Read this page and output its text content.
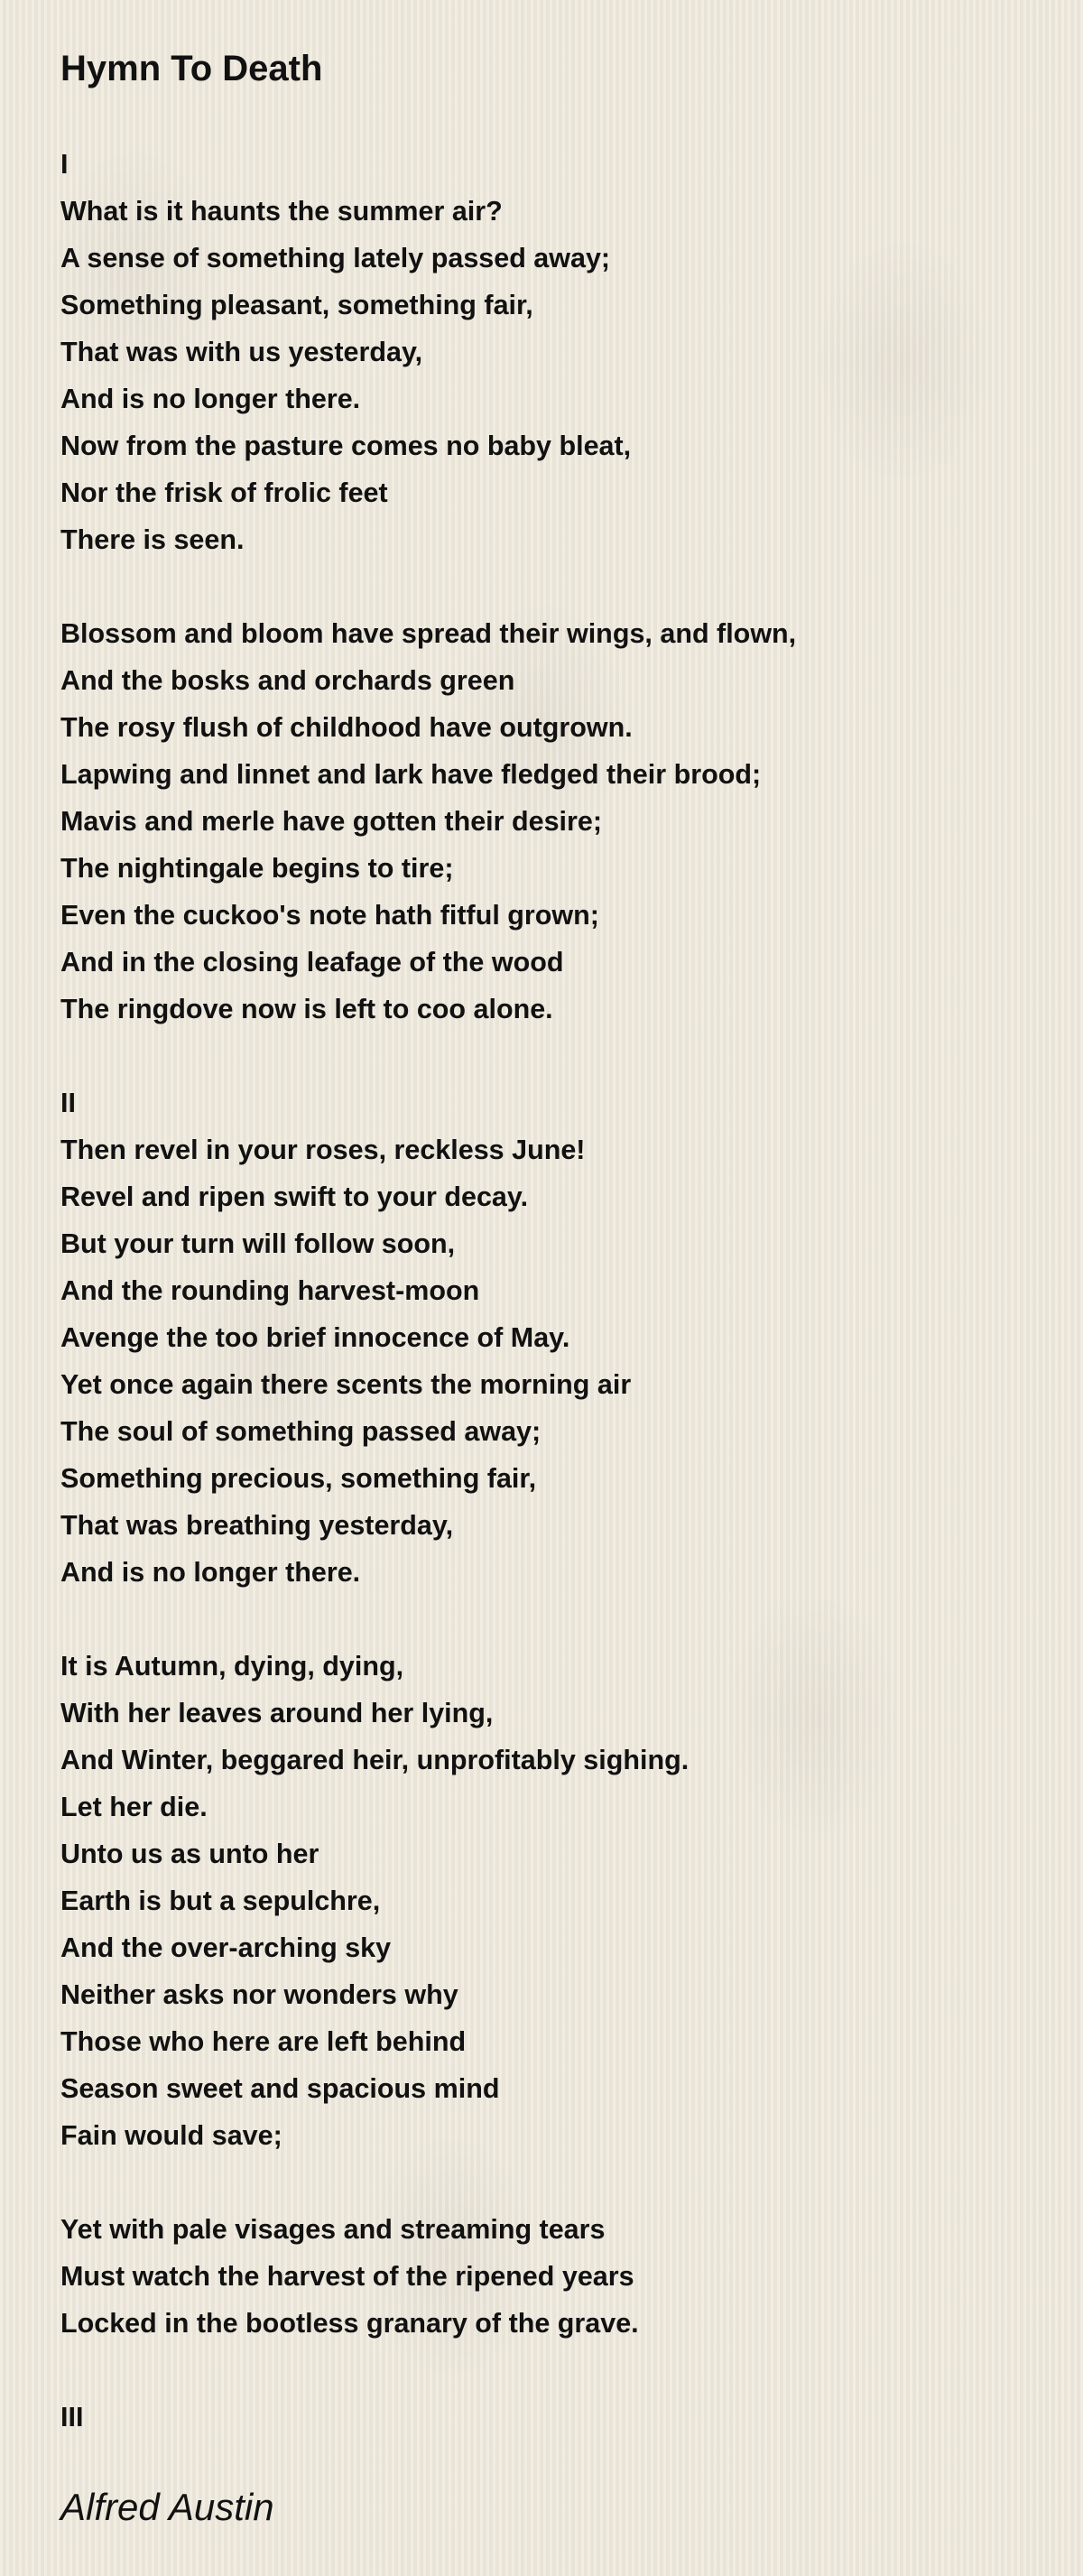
Hymn To Death
I
What is it haunts the summer air?
A sense of something lately passed away;
Something pleasant, something fair,
That was with us yesterday,
And is no longer there.
Now from the pasture comes no baby bleat,
Nor the frisk of frolic feet
There is seen.
Blossom and bloom have spread their wings, and flown,
And the bosks and orchards green
The rosy flush of childhood have outgrown.
Lapwing and linnet and lark have fledged their brood;
Mavis and merle have gotten their desire;
The nightingale begins to tire;
Even the cuckoo's note hath fitful grown;
And in the closing leafage of the wood
The ringdove now is left to coo alone.
II
Then revel in your roses, reckless June!
Revel and ripen swift to your decay.
But your turn will follow soon,
And the rounding harvest-moon
Avenge the too brief innocence of May.
Yet once again there scents the morning air
The soul of something passed away;
Something precious, something fair,
That was breathing yesterday,
And is no longer there.
It is Autumn, dying, dying,
With her leaves around her lying,
And Winter, beggared heir, unprofitably sighing.
Let her die.
Unto us as unto her
Earth is but a sepulchre,
And the over-arching sky
Neither asks nor wonders why
Those who here are left behind
Season sweet and spacious mind
Fain would save;
Yet with pale visages and streaming tears
Must watch the harvest of the ripened years
Locked in the bootless granary of the grave.
III
Alfred Austin
